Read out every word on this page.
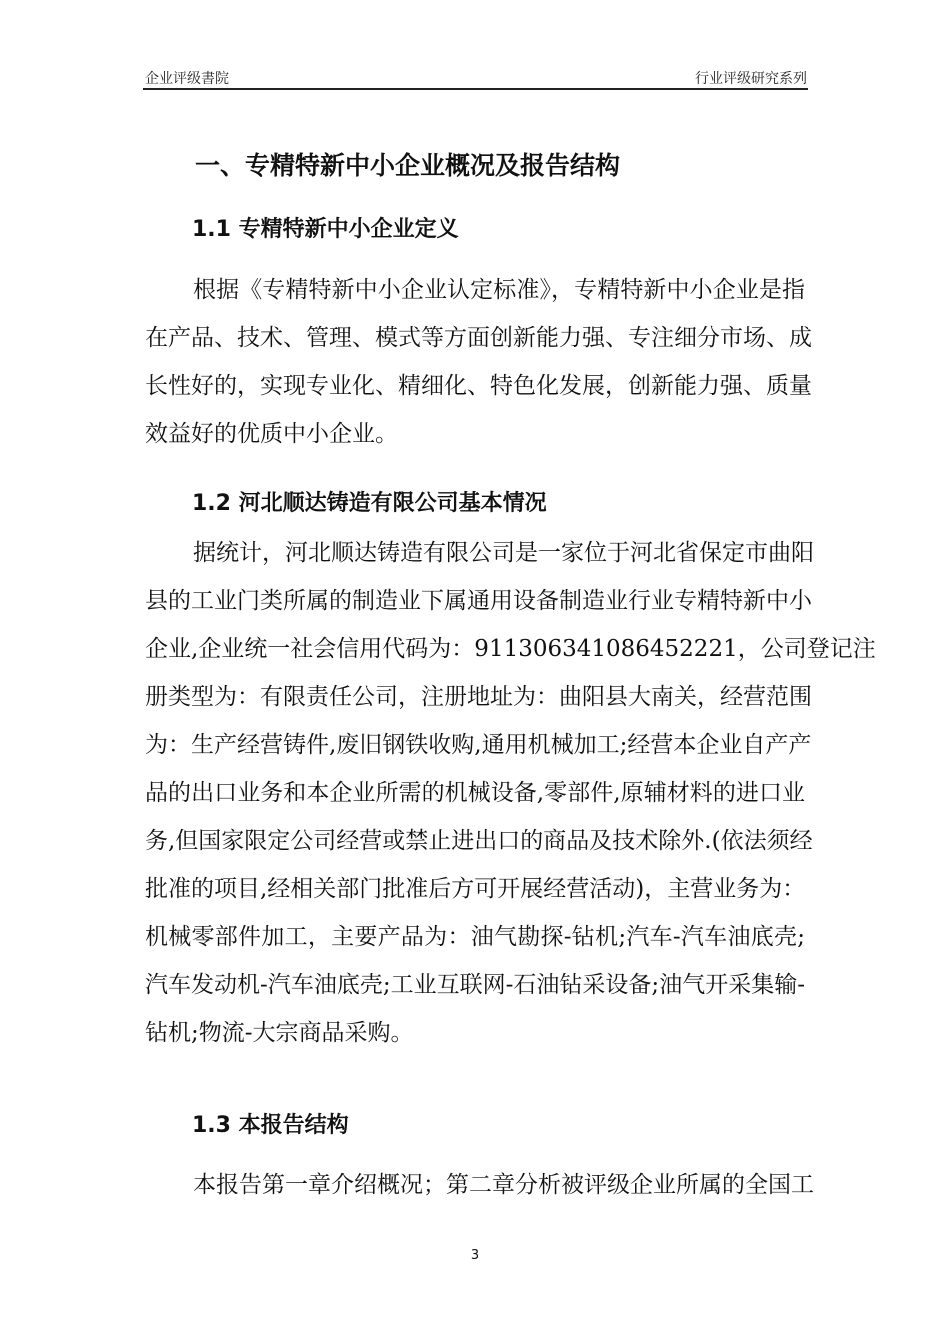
企业评级書院	行业评级研究系列
一、专精特新中小企业概况及报告结构
1.1 专精特新中小企业定义
根据《专精特新中小企业认定标准》，专精特新中小企业是指
在产品、技术、管理、模式等方面创新能力强、专注细分市场、成
长性好的，实现专业化、精细化、特色化发展，创新能力强、质量
效益好的优质中小企业。
1.2 河北顺达铸造有限公司基本情况
据统计，河北顺达铸造有限公司是一家位于河北省保定市曲阳
县的工业门类所属的制造业下属通用设备制造业行业专精特新中小
企业,企业统一社会信用代码为：911306341086452221，公司登记注
册类型为：有限责任公司，注册地址为：曲阳县大南关，经营范围
为：生产经营铸件,废旧钢铁收购,通用机械加工;经营本企业自产产
品的出口业务和本企业所需的机械设备,零部件,原辅材料的进口业
务,但国家限定公司经营或禁止进出口的商品及技术除外.(依法须经
批准的项目,经相关部门批准后方可开展经营活动)，主营业务为：
机械零部件加工，主要产品为：油气勘探-钻机;汽车-汽车油底壳;
汽车发动机-汽车油底壳;工业互联网-石油钻采设备;油气开采集输-
钻机;物流-大宗商品采购。
1.3 本报告结构
本报告第一章介绍概况；第二章分析被评级企业所属的全国工
3
